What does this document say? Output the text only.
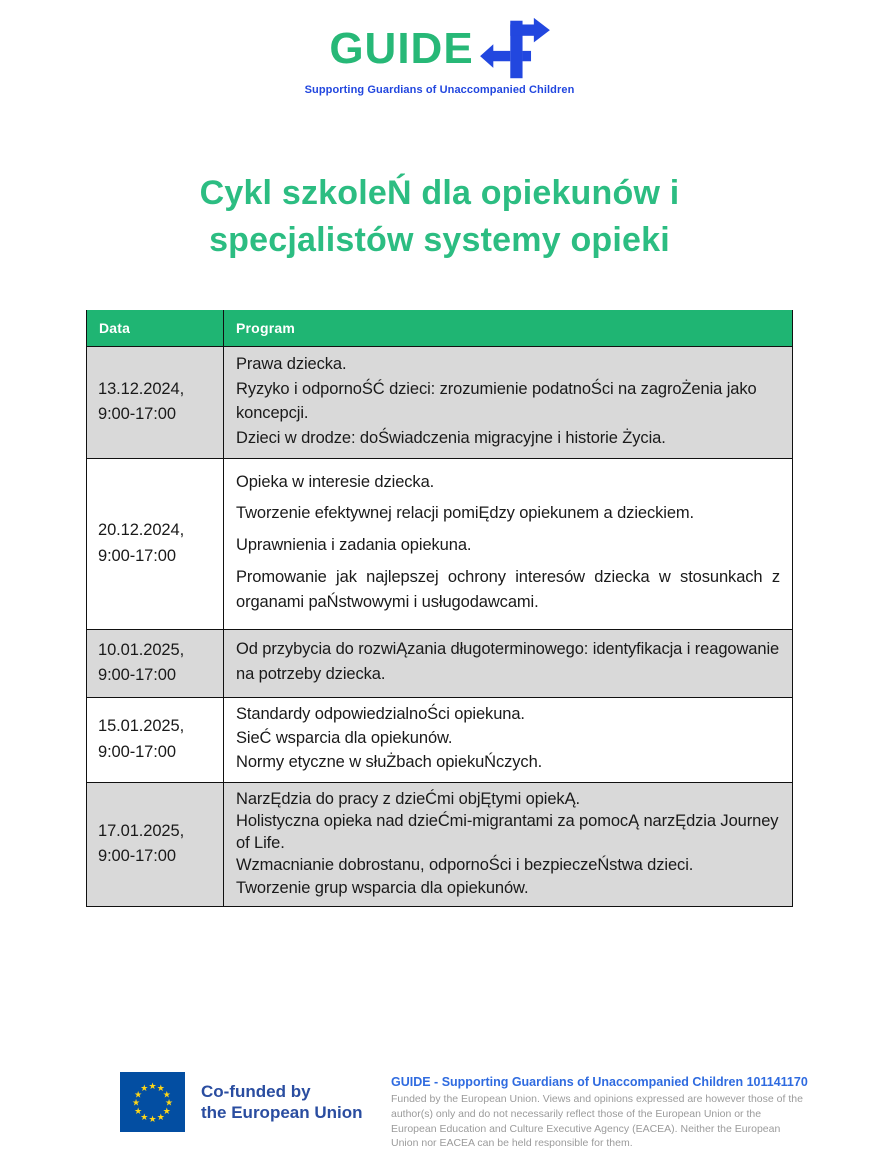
GUIDE
Supporting Guardians of Unaccompanied Children
Cykl szkoleŃ dla opiekunów i
specjalistów systemy opieki
Data	Program
13.12.2024, 9:00-17:00	Prawa dziecka.

Ryzyko i odpornoŚĆ dzieci: zrozumienie podatnoŚci na zagroŻenia jako koncepcji.

Dzieci w drodze: doŚwiadczenia migracyjne i historie Życia.

20.12.2024, 9:00-17:00	Opieka w interesie dziecka.

Tworzenie efektywnej relacji pomiĘdzy opiekunem a dzieckiem.

Uprawnienia i zadania opiekuna.

Promowanie jak najlepszej ochrony interesów dziecka w stosunkach z organami paŃstwowymi i usługodawcami.

10.01.2025, 9:00-17:00	Od przybycia do rozwiĄzania długoterminowego: identyfikacja i reagowanie na potrzeby dziecka.

15.01.2025, 9:00-17:00	Standardy odpowiedzialnoŚci opiekuna.

SieĆ wsparcia dla opiekunów.

Normy etyczne w słuŻbach opiekuŃczych.

17.01.2025, 9:00-17:00	NarzĘdzia do pracy z dzieĆmi objĘtymi opiekĄ.

Holistyczna opieka nad dzieĆmi-migrantami za pomocĄ narzĘdzia Journey of Life.

Wzmacnianie dobrostanu, odpornoŚci i bezpieczeŃstwa dzieci.

Tworzenie grup wsparcia dla opiekunów.

★ ★
★
★
★
★
★
★
★
★
★
★	Co-funded by
the European Union
GUIDE - Supporting Guardians of Unaccompanied Children 101141170
Funded by the European Union. Views and opinions expressed are however those of the author(s) only and do not necessarily reflect those of the European Union or the European Education and Culture Executive Agency (EACEA). Neither the European Union nor EACEA can be held responsible for them.
